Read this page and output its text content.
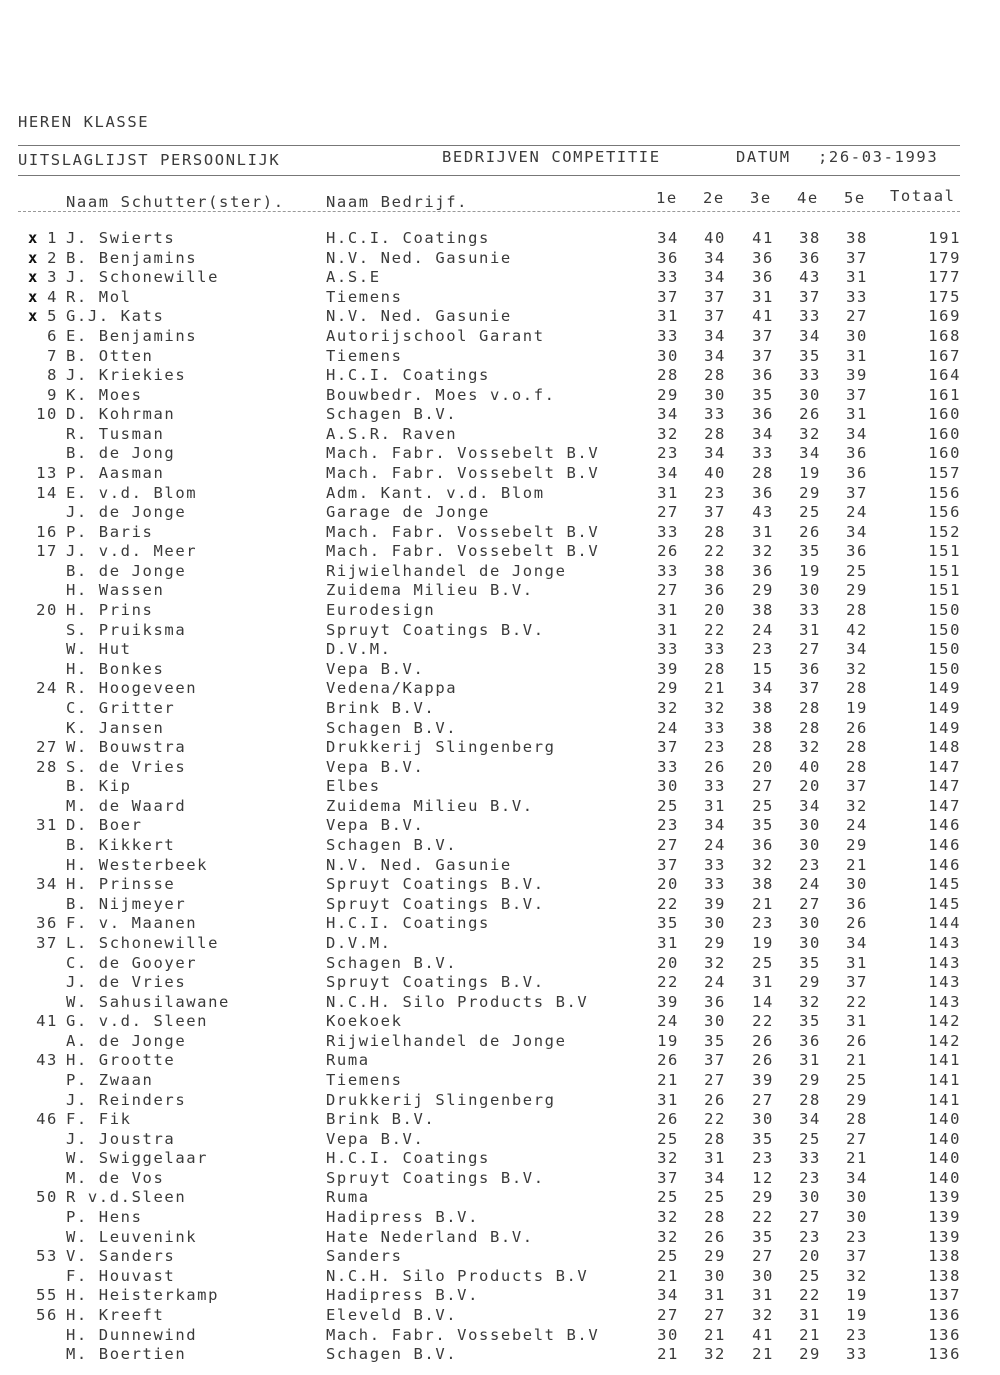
HEREN KLASSE
UITSLAGLIJST PERSOONLIJK	BEDRIJVEN COMPETITIE	DATUM ;26-03-1993
Naam Schutter(ster).	Naam Bedrijf.	1e 2e 3e 4e 5e Totaal
x 1 J. Swierts	H.C.I. Coatings	34 40 41 38 38	191
x 2 B. Benjamins	N.V. Ned. Gasunie	36 34 36 36 37	179
x 3 J. Schonewille	A.S.E	33 34 36 43 31	177
x 4 R. Mol	Tiemens	37 37 31 37 33	175
x 5 G.J. Kats	N.V. Ned. Gasunie	31 37 41 33 27	169
6 E. Benjamins	Autorijschool Garant	33 34 37 34 30	168
7 B. Otten	Tiemens	30 34 37 35 31	167
8 J. Kriekies	H.C.I. Coatings	28 28 36 33 39	164
9 K. Moes	Bouwbedr. Moes v.o.f.	29 30 35 30 37	161
10 D. Kohrman	Schagen B.V.	34 33 36 26 31	160
R. Tusman	A.S.R. Raven	32 28 34 32 34	160
B. de Jong	Mach. Fabr. Vossebelt B.V	23 34 33 34 36	160
13 P. Aasman	Mach. Fabr. Vossebelt B.V	34 40 28 19 36	157
14 E. v.d. Blom	Adm. Kant. v.d. Blom	31 23 36 29 37	156
J. de Jonge	Garage de Jonge	27 37 43 25 24	156
16 P. Baris	Mach. Fabr. Vossebelt B.V	33 28 31 26 34	152
17 J. v.d. Meer	Mach. Fabr. Vossebelt B.V	26 22 32 35 36	151
B. de Jonge	Rijwielhandel de Jonge	33 38 36 19 25	151
H. Wassen	Zuidema Milieu B.V.	27 36 29 30 29	151
20 H. Prins	Eurodesign	31 20 38 33 28	150
S. Pruiksma	Spruyt Coatings B.V.	31 22 24 31 42	150
W. Hut	D.V.M.	33 33 23 27 34	150
H. Bonkes	Vepa B.V.	39 28 15 36 32	150
24 R. Hoogeveen	Vedena/Kappa	29 21 34 37 28	149
C. Gritter	Brink B.V.	32 32 38 28 19	149
K. Jansen	Schagen B.V.	24 33 38 28 26	149
27 W. Bouwstra	Drukkerij Slingenberg	37 23 28 32 28	148
28 S. de Vries	Vepa B.V.	33 26 20 40 28	147
B. Kip	Elbes	30 33 27 20 37	147
M. de Waard	Zuidema Milieu B.V.	25 31 25 34 32	147
31 D. Boer	Vepa B.V.	23 34 35 30 24	146
B. Kikkert	Schagen B.V.	27 24 36 30 29	146
H. Westerbeek	N.V. Ned. Gasunie	37 33 32 23 21	146
34 H. Prinsse	Spruyt Coatings B.V.	20 33 38 24 30	145
B. Nijmeyer	Spruyt Coatings B.V.	22 39 21 27 36	145
36 F. v. Maanen	H.C.I. Coatings	35 30 23 30 26	144
37 L. Schonewille	D.V.M.	31 29 19 30 34	143
C. de Gooyer	Schagen B.V.	20 32 25 35 31	143
J. de Vries	Spruyt Coatings B.V.	22 24 31 29 37	143
W. Sahusilawane	N.C.H. Silo Products B.V	39 36 14 32 22	143
41 G. v.d. Sleen	Koekoek	24 30 22 35 31	142
A. de Jonge	Rijwielhandel de Jonge	19 35 26 36 26	142
43 H. Grootte	Ruma	26 37 26 31 21	141
P. Zwaan	Tiemens	21 27 39 29 25	141
J. Reinders	Drukkerij Slingenberg	31 26 27 28 29	141
46 F. Fik	Brink B.V.	26 22 30 34 28	140
J. Joustra	Vepa B.V.	25 28 35 25 27	140
W. Swiggelaar	H.C.I. Coatings	32 31 23 33 21	140
M. de Vos	Spruyt Coatings B.V.	37 34 12 23 34	140
50 R v.d.Sleen	Ruma	25 25 29 30 30	139
P. Hens	Hadipress B.V.	32 28 22 27 30	139
W. Leuvenink	Hate Nederland B.V.	32 26 35 23 23	139
53 V. Sanders	Sanders	25 29 27 20 37	138
F. Houvast	N.C.H. Silo Products B.V	21 30 30 25 32	138
55 H. Heisterkamp	Hadipress B.V.	34 31 31 22 19	137
56 H. Kreeft	Eleveld B.V.	27 27 32 31 19	136
H. Dunnewind	Mach. Fabr. Vossebelt B.V	30 21 41 21 23	136
M. Boertien	Schagen B.V.	21 32 21 29 33	136
